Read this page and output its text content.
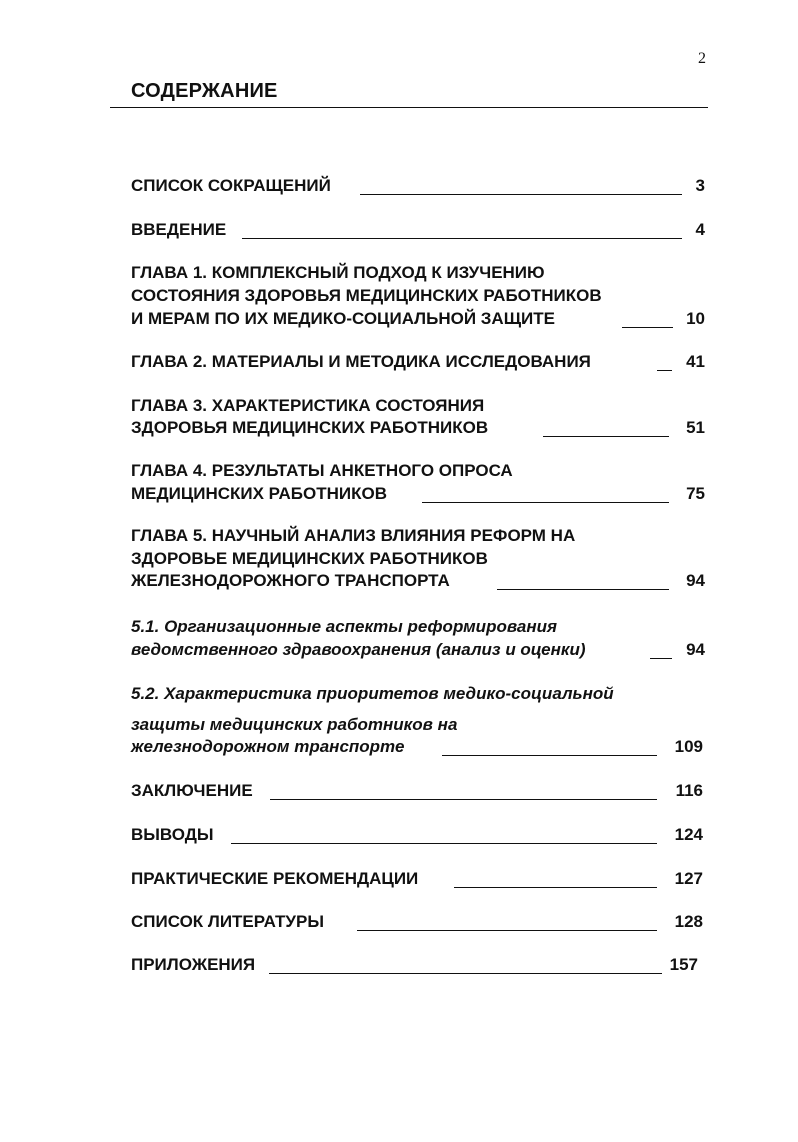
2
СОДЕРЖАНИЕ
СПИСОК СОКРАЩЕНИЙ	3
ВВЕДЕНИЕ	4
ГЛАВА 1. КОМПЛЕКСНЫЙ ПОДХОД К ИЗУЧЕНИЮ
СОСТОЯНИЯ ЗДОРОВЬЯ МЕДИЦИНСКИХ РАБОТНИКОВ
И МЕРАМ ПО ИХ МЕДИКО-СОЦИАЛЬНОЙ ЗАЩИТЕ	10
ГЛАВА 2. МАТЕРИАЛЫ И МЕТОДИКА ИССЛЕДОВАНИЯ	41
ГЛАВА 3. ХАРАКТЕРИСТИКА СОСТОЯНИЯ
ЗДОРОВЬЯ МЕДИЦИНСКИХ РАБОТНИКОВ	51
ГЛАВА 4. РЕЗУЛЬТАТЫ АНКЕТНОГО ОПРОСА
МЕДИЦИНСКИХ РАБОТНИКОВ	75
ГЛАВА 5. НАУЧНЫЙ АНАЛИЗ ВЛИЯНИЯ РЕФОРМ НА
ЗДОРОВЬЕ МЕДИЦИНСКИХ РАБОТНИКОВ
ЖЕЛЕЗНОДОРОЖНОГО ТРАНСПОРТА	94
5.1. Организационные аспекты реформирования
ведомственного здравоохранения (анализ и оценки)	94
5.2. Характеристика приоритетов медико-социальной
защиты медицинских работников на
железнодорожном транспорте	109
ЗАКЛЮЧЕНИЕ	116
ВЫВОДЫ	124
ПРАКТИЧЕСКИЕ РЕКОМЕНДАЦИИ	127
СПИСОК ЛИТЕРАТУРЫ	128
ПРИЛОЖЕНИЯ	157
